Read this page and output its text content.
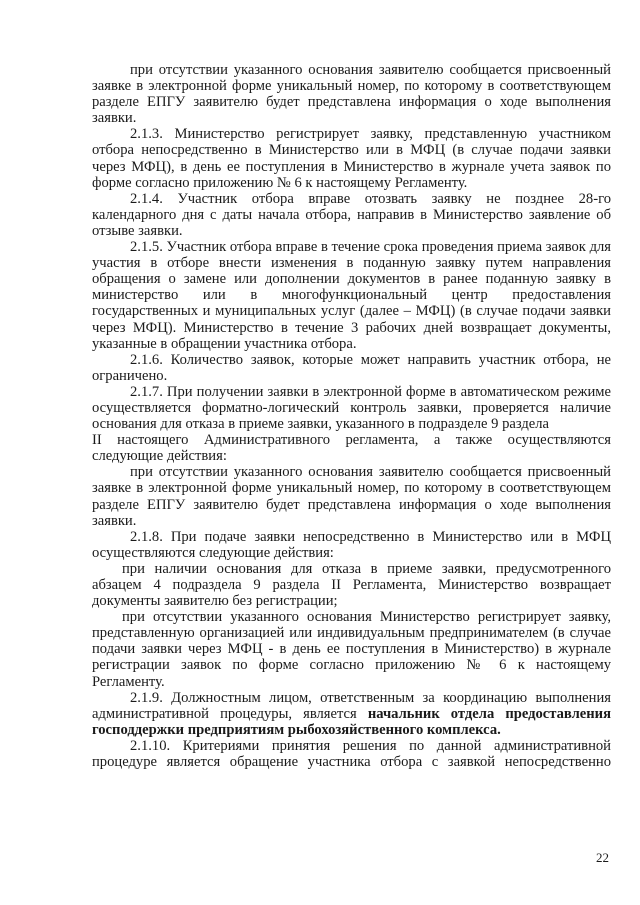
при отсутствии указанного основания заявителю сообщается присвоенный заявке в электронной форме уникальный номер, по которому в соответствующем разделе ЕПГУ заявителю будет представлена информация о ходе выполнения заявки.

2.1.3. Министерство регистрирует заявку, представленную участником отбора непосредственно в Министерство или в МФЦ (в случае подачи заявки через МФЦ), в день ее поступления в Министерство в журнале учета заявок по форме согласно приложению № 6 к настоящему Регламенту.

2.1.4. Участник отбора вправе отозвать заявку не позднее 28-го календарного дня с даты начала отбора, направив в Министерство заявление об отзыве заявки.

2.1.5. Участник отбора вправе в течение срока проведения приема заявок для участия в отборе внести изменения в поданную заявку путем направления обращения о замене или дополнении документов в ранее поданную заявку в министерство или в многофункциональный центр предоставления государственных и муниципальных услуг (далее – МФЦ) (в случае подачи заявки через МФЦ). Министерство в течение 3 рабочих дней возвращает документы, указанные в обращении участника отбора.

2.1.6. Количество заявок, которые может направить участник отбора, не ограничено.

2.1.7. При получении заявки в электронной форме в автоматическом режиме осуществляется форматно-логический контроль заявки, проверяется наличие основания для отказа в приеме заявки, указанного в подразделе 9 раздела

II настоящего Административного регламента, а также осуществляются следующие действия:

при отсутствии указанного основания заявителю сообщается присвоенный заявке в электронной форме уникальный номер, по которому в соответствующем разделе ЕПГУ заявителю будет представлена информация о ходе выполнения заявки.

2.1.8. При подаче заявки непосредственно в Министерство или в МФЦ осуществляются следующие действия:

при наличии основания для отказа в приеме заявки, предусмотренного абзацем 4 подраздела 9 раздела II Регламента, Министерство возвращает документы заявителю без регистрации;

при отсутствии указанного основания Министерство регистрирует заявку, представленную организацией или индивидуальным предпринимателем (в случае подачи заявки через МФЦ - в день ее поступления в Министерство) в журнале регистрации заявок по форме согласно приложению № 6 к настоящему Регламенту.

2.1.9. Должностным лицом, ответственным за координацию выполнения административной процедуры, является начальник отдела предоставления господдержки предприятиям рыбохозяйственного комплекса.

2.1.10. Критериями принятия решения по данной административной процедуре является обращение участника отбора с заявкой непосредственно

22
